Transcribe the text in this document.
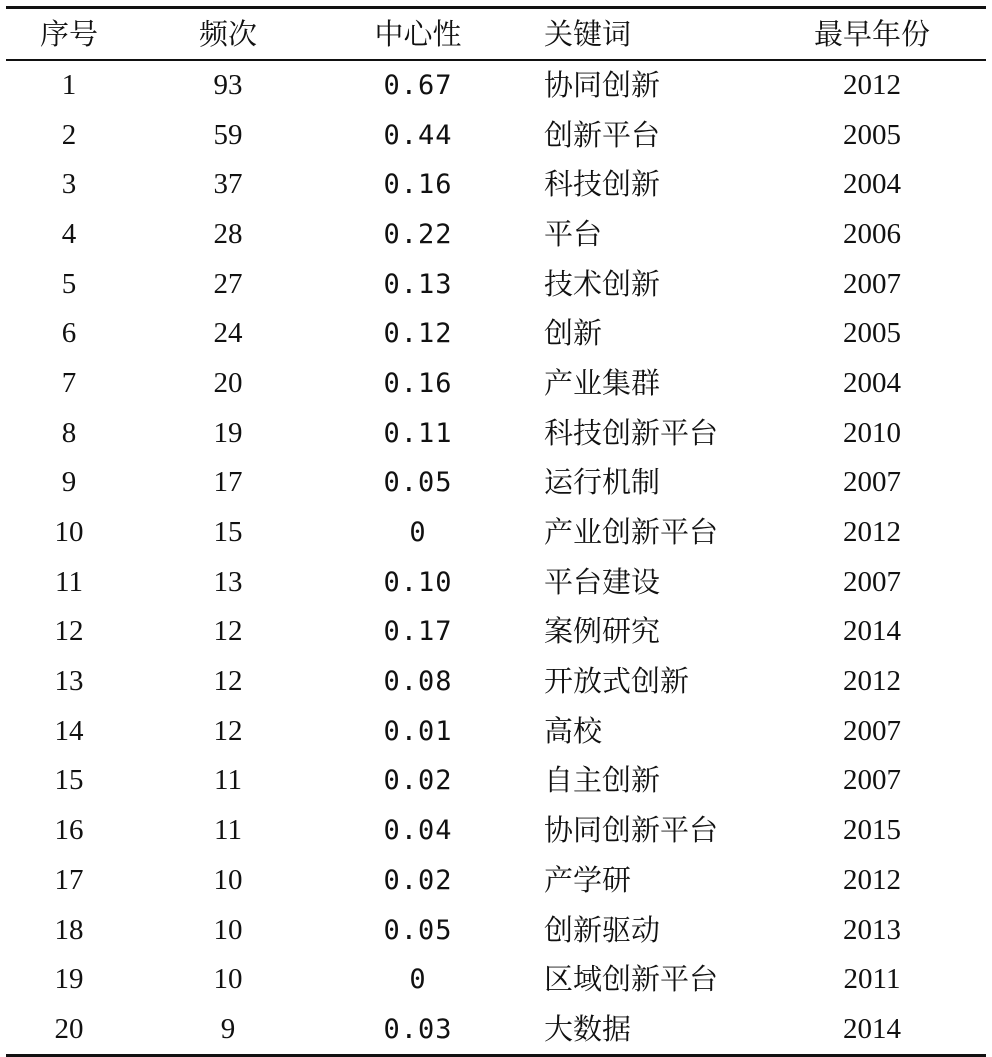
序号	频次	中心性	关键词	最早年份
1	93	0.67	协同创新	2012
2	59	0.44	创新平台	2005
3	37	0.16	科技创新	2004
4	28	0.22	平台	2006
5	27	0.13	技术创新	2007
6	24	0.12	创新	2005
7	20	0.16	产业集群	2004
8	19	0.11	科技创新平台	2010
9	17	0.05	运行机制	2007
10	15	0	产业创新平台	2012
11	13	0.10	平台建设	2007
12	12	0.17	案例研究	2014
13	12	0.08	开放式创新	2012
14	12	0.01	高校	2007
15	11	0.02	自主创新	2007
16	11	0.04	协同创新平台	2015
17	10	0.02	产学研	2012
18	10	0.05	创新驱动	2013
19	10	0	区域创新平台	2011
20	9	0.03	大数据	2014
